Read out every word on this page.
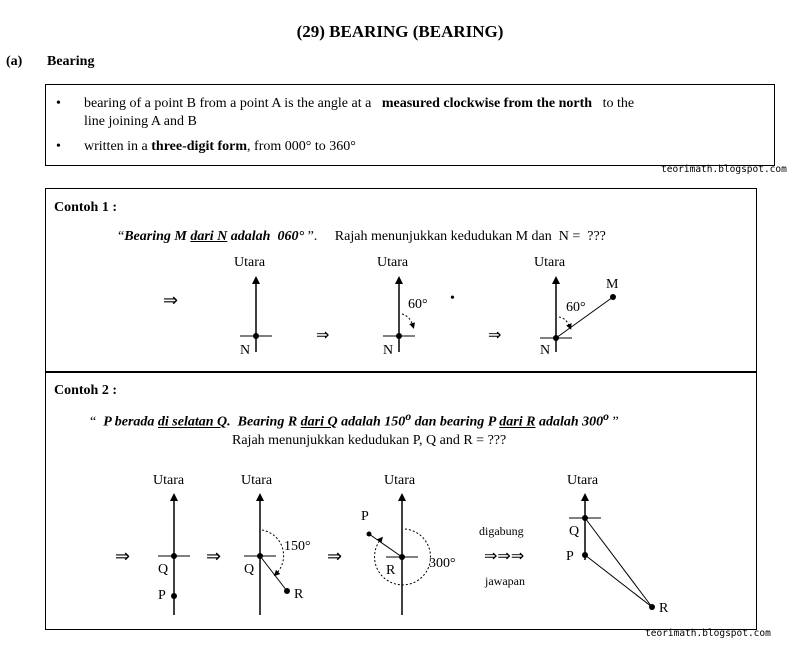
(29) BEARING (BEARING)
(a) Bearing
• bearing of a point B from a point A is the angle at a measured clockwise from the north to the
line joining A and B
• written in a three-digit form, from 000° to 360°
teorimath.blogspot.com
Contoh 1 :
“Bearing M dari N adalah  060° ”. Rajah menunjukkan kedudukan M dan  N =  ???
Utara
N
⇒
⇒
Utara
N
60° •
⇒
Utara
M
N
60°
⇒
Utara
Q
P
⇒
Utara
Q
R
150° ⇒
Utara
P
R 300°
digabung
⇒⇒⇒
jawapan
Utara
Q
P
R
Contoh 2 :
“  P berada di selatan Q.  Bearing R dari Q adalah 150$^o$ dan bearing P dari R adalah 300$^o$ ”
Rajah menunjukkan kedudukan P, Q and R = ???
teorimath.blogspot.com
